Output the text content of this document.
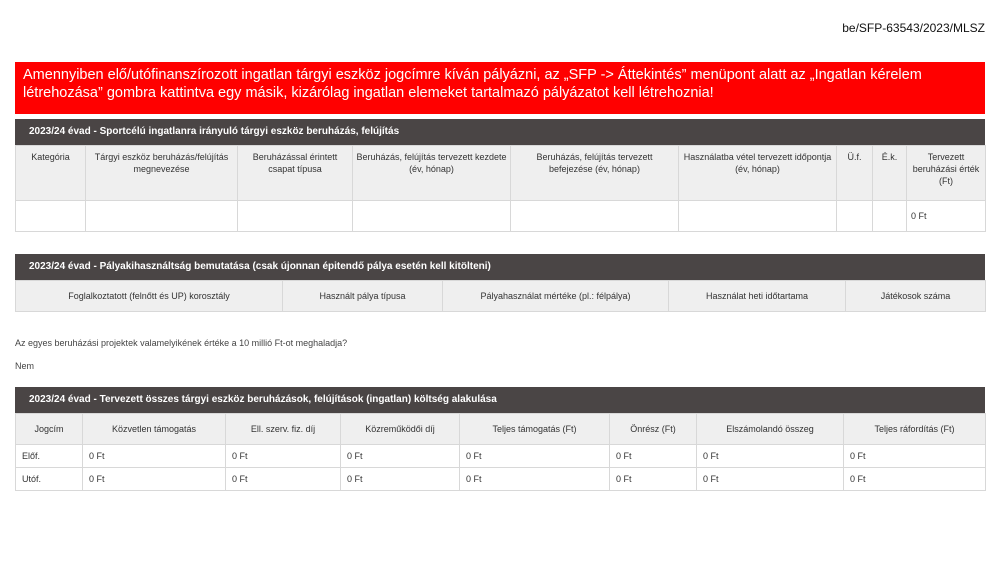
be/SFP-63543/2023/MLSZ
Amennyiben elő/utófinanszírozott ingatlan tárgyi eszköz jogcímre kíván pályázni, az „SFP -> Áttekintés” menüpont alatt az „Ingatlan kérelem létrehozása” gombra kattintva egy másik, kizárólag ingatlan elemeket tartalmazó pályázatot kell létrehoznia!
2023/24 évad - Sportcélú ingatlanra irányuló tárgyi eszköz beruházás, felújítás
Kategória	Tárgyi eszköz beruházás/felújítás megnevezése	Beruházással érintett csapat típusa	Beruházás, felújítás tervezett kezdete (év, hónap)	Beruházás, felújítás tervezett befejezése (év, hónap)	Használatba vétel tervezett időpontja (év, hónap)	Ü.f.	É.k.	Tervezett beruházási érték (Ft)
								0 Ft
2023/24 évad - Pályakihasználtság bemutatása (csak újonnan épitendő pálya esetén kell kitölteni)
Foglalkoztatott (felnőtt és UP) korosztály	Használt pálya típusa	Pályahasználat mértéke (pl.: félpálya)	Használat heti időtartama	Játékosok száma
Az egyes beruházási projektek valamelyikének értéke a 10 millió Ft-ot meghaladja?
Nem
2023/24 évad - Tervezett összes tárgyi eszköz beruházások, felújítások (ingatlan) költség alakulása
Jogcím	Közvetlen támogatás	Ell. szerv. fiz. díj	Közreműködői díj	Teljes támogatás (Ft)	Önrész (Ft)	Elszámolandó összeg	Teljes ráfordítás (Ft)
Előf.	0 Ft	0 Ft	0 Ft	0 Ft	0 Ft	0 Ft	0 Ft
Utóf.	0 Ft	0 Ft	0 Ft	0 Ft	0 Ft	0 Ft	0 Ft
